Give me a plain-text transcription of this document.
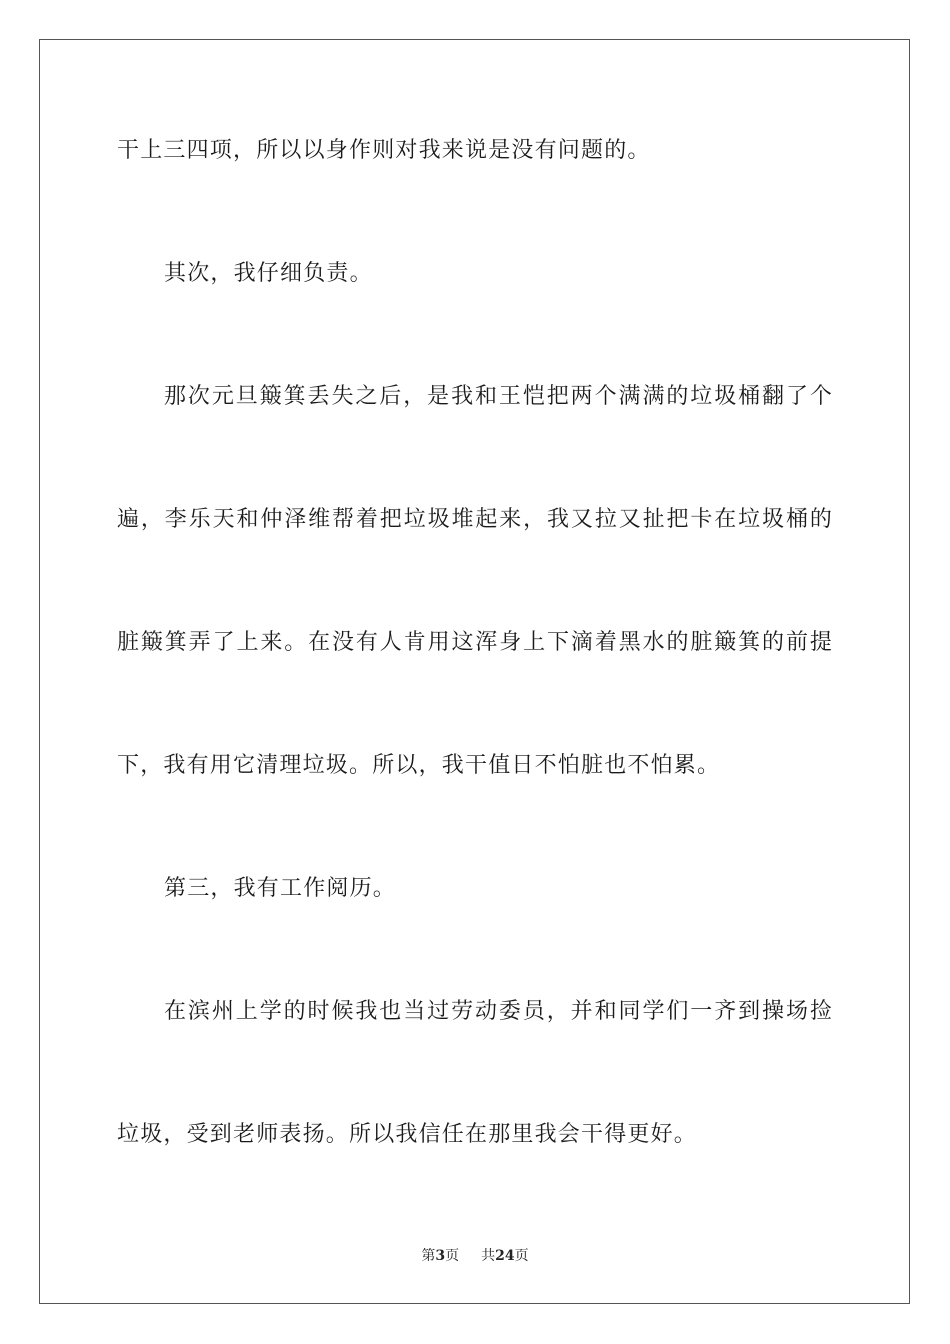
干上三四项，所以以身作则对我来说是没有问题的。
其次，我仔细负责。
那 次 元 旦 簸 箕 丢 失 之 后 ， 是 我 和 王 恺 把 两 个 满 满 的 垃 圾 桶 翻 了 个
遍 ， 李 乐 天 和 仲 泽 维 帮 着 把 垃 圾 堆 起 来 ， 我 又 拉 又 扯 把 卡 在 垃 圾 桶 的
脏 簸 箕 弄 了 上 来 。 在 没 有 人 肯 用 这 浑 身 上 下 滴 着 黑 水 的 脏 簸 箕 的 前 提
下，我有用它清理垃圾。所以，我干值日不怕脏也不怕累。
第三，我有工作阅历。
在 滨 州 上 学 的 时 候 我 也 当 过 劳 动 委 员 ， 并 和 同 学 们 一 齐 到 操 场 捡
垃圾，受到老师表扬。所以我信任在那里我会干得更好。
第3页 共24页
